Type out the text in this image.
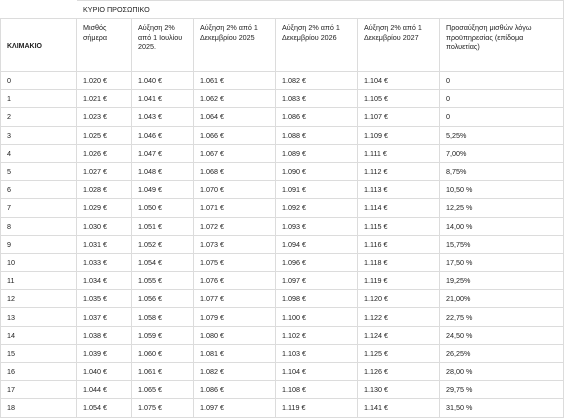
	ΚΥΡΙΟ ΠΡΟΣΩΠΙΚΟ					
ΚΛΙΜΑΚΙΟ	Μισθός σήμερα	Αύξηση 2% από 1 Ιουλίου 2025.	Αύξηση 2% από 1 Δεκεμβρίου 2025	Αύξηση 2% από 1 Δεκεμβρίου 2026	Αύξηση 2% από 1 Δεκεμβρίου 2027	Προσαύξηση μισθών λόγω προϋπηρεσίας (επίδομα πολυετίας)
0	1.020 €	1.040 €	1.061 €	1.082 €	1.104 €	0
1	1.021 €	1.041 €	1.062 €	1.083 €	1.105 €	0
2	1.023 €	1.043 €	1.064 €	1.086 €	1.107 €	0
3	1.025 €	1.046 €	1.066 €	1.088 €	1.109 €	5,25%
4	1.026 €	1.047 €	1.067 €	1.089 €	1.111 €	7,00%
5	1.027 €	1.048 €	1.068 €	1.090 €	1.112 €	8,75%
6	1.028 €	1.049 €	1.070 €	1.091 €	1.113 €	10,50 %
7	1.029 €	1.050 €	1.071 €	1.092 €	1.114 €	12,25 %
8	1.030 €	1.051 €	1.072 €	1.093 €	1.115 €	14,00 %
9	1.031 €	1.052 €	1.073 €	1.094 €	1.116 €	15,75%
10	1.033 €	1.054 €	1.075 €	1.096 €	1.118 €	17,50 %
11	1.034 €	1.055 €	1.076 €	1.097 €	1.119 €	19,25%
12	1.035 €	1.056 €	1.077 €	1.098 €	1.120 €	21,00%
13	1.037 €	1.058 €	1.079 €	1.100 €	1.122 €	22,75 %
14	1.038 €	1.059 €	1.080 €	1.102 €	1.124 €	24,50 %
15	1.039 €	1.060 €	1.081 €	1.103 €	1.125 €	26,25%
16	1.040 €	1.061 €	1.082 €	1.104 €	1.126 €	28,00 %
17	1.044 €	1.065 €	1.086 €	1.108 €	1.130 €	29,75 %
18	1.054 €	1.075 €	1.097 €	1.119 €	1.141 €	31,50 %
